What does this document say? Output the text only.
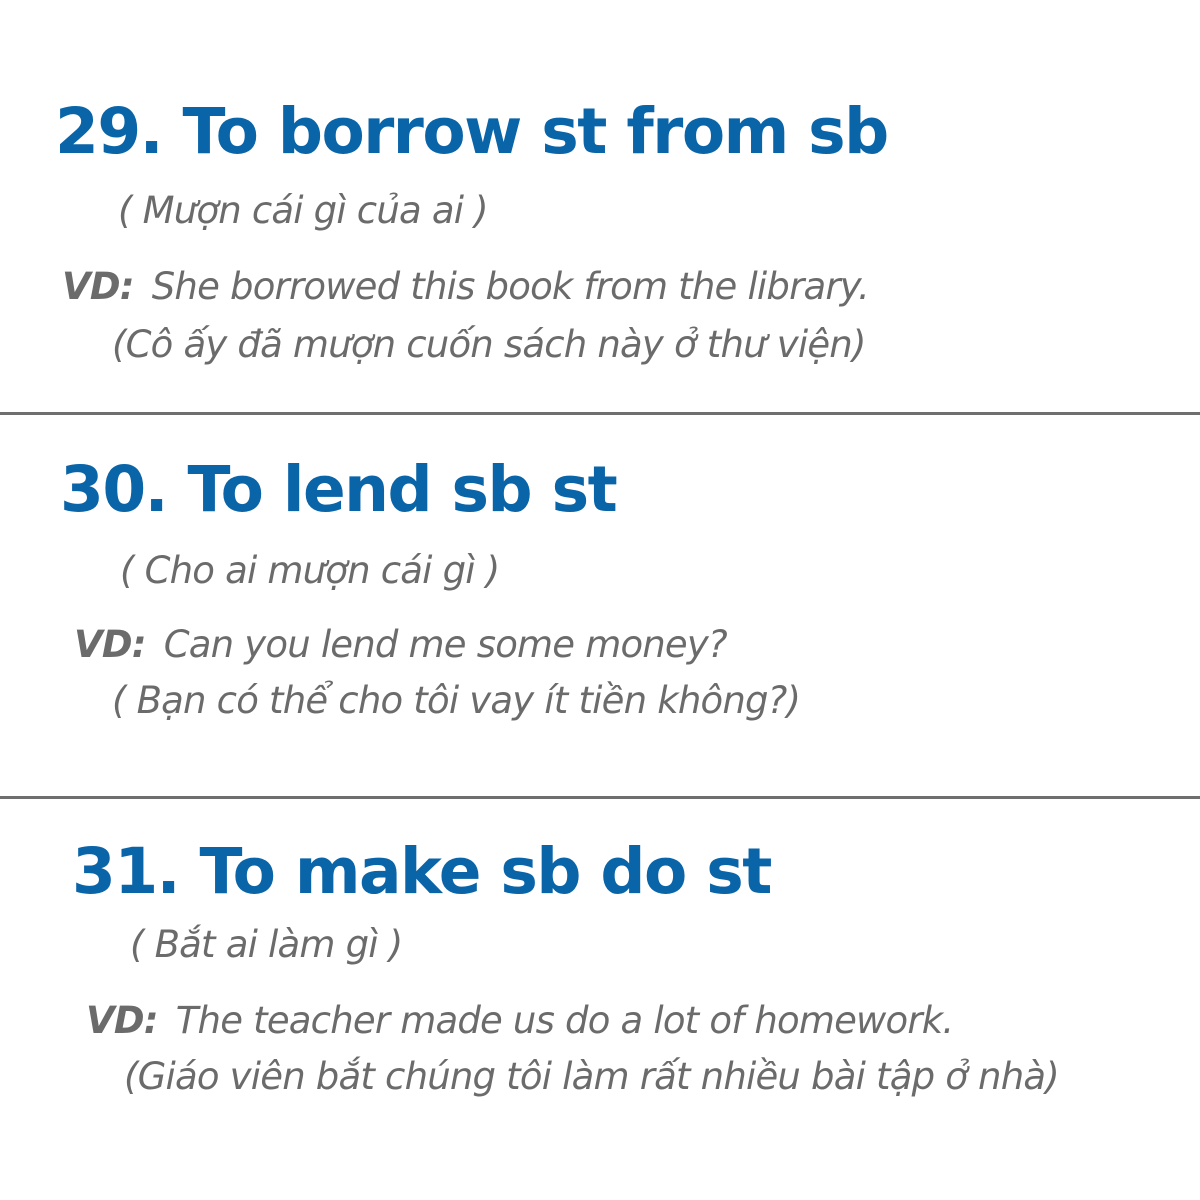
29. To borrow st from sb

( Mượn cái gì của ai )

VD: She borrowed this book from the library.

(Cô ấy đã mượn cuốn sách này ở thư viện)

30. To lend sb st

( Cho ai mượn cái gì )

VD: Can you lend me some money?

( Bạn có thể cho tôi vay ít tiền không?)

31. To make sb do st

( Bắt ai làm gì )

VD: The teacher made us do a lot of homework.

(Giáo viên bắt chúng tôi làm rất nhiều bài tập ở nhà)
